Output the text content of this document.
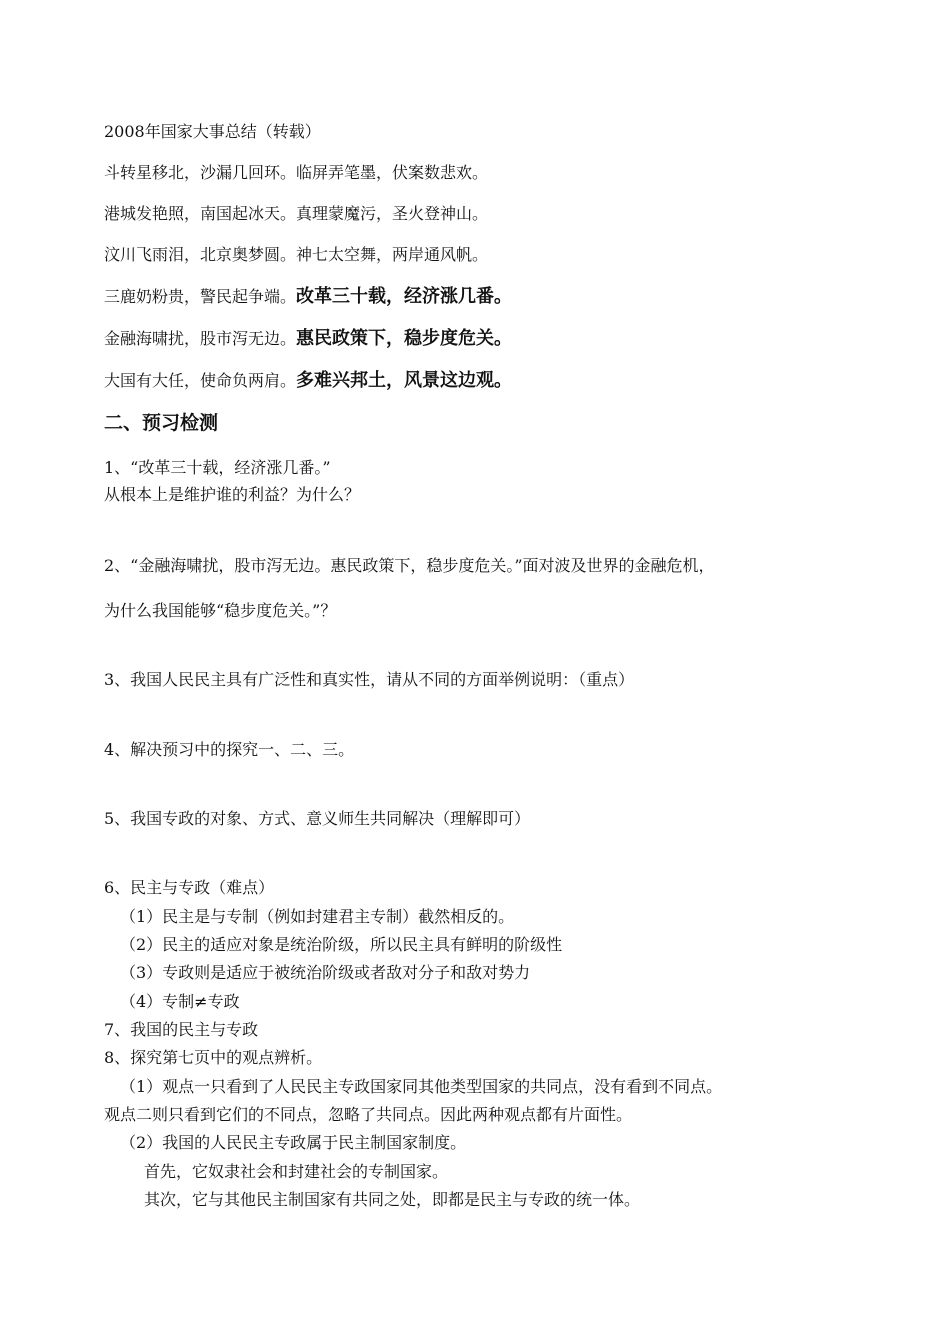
2008年国家大事总结（转载）
斗转星移北，沙漏几回环。临屏弄笔墨，伏案数悲欢。
港城发艳照，南国起冰天。真理蒙魔污，圣火登神山。
汶川飞雨泪，北京奥梦圆。神七太空舞，两岸通风帆。
三鹿奶粉贵，警民起争端。改革三十载，经济涨几番。
金融海啸扰，股市泻无边。惠民政策下，稳步度危关。
大国有大任，使命负两肩。多难兴邦土，风景这边观。
二、预习检测
1、“改革三十载，经济涨几番。”
从根本上是维护谁的利益？为什么？
2、“金融海啸扰，股市泻无边。惠民政策下，稳步度危关。”面对波及世界的金融危机，
为什么我国能够“稳步度危关。”？
3、我国人民民主具有广泛性和真实性，请从不同的方面举例说明：（重点）
4、解决预习中的探究一、二、三。
5、我国专政的对象、方式、意义师生共同解决（理解即可）
6、民主与专政（难点）
（1）民主是与专制（例如封建君主专制）截然相反的。
（2）民主的适应对象是统治阶级，所以民主具有鲜明的阶级性
（3）专政则是适应于被统治阶级或者敌对分子和敌对势力
（4）专制≠专政
7、我国的民主与专政
8、探究第七页中的观点辨析。
（1）观点一只看到了人民民主专政国家同其他类型国家的共同点，没有看到不同点。
观点二则只看到它们的不同点，忽略了共同点。因此两种观点都有片面性。
（2）我国的人民民主专政属于民主制国家制度。
首先，它奴隶社会和封建社会的专制国家。
其次，它与其他民主制国家有共同之处，即都是民主与专政的统一体。
